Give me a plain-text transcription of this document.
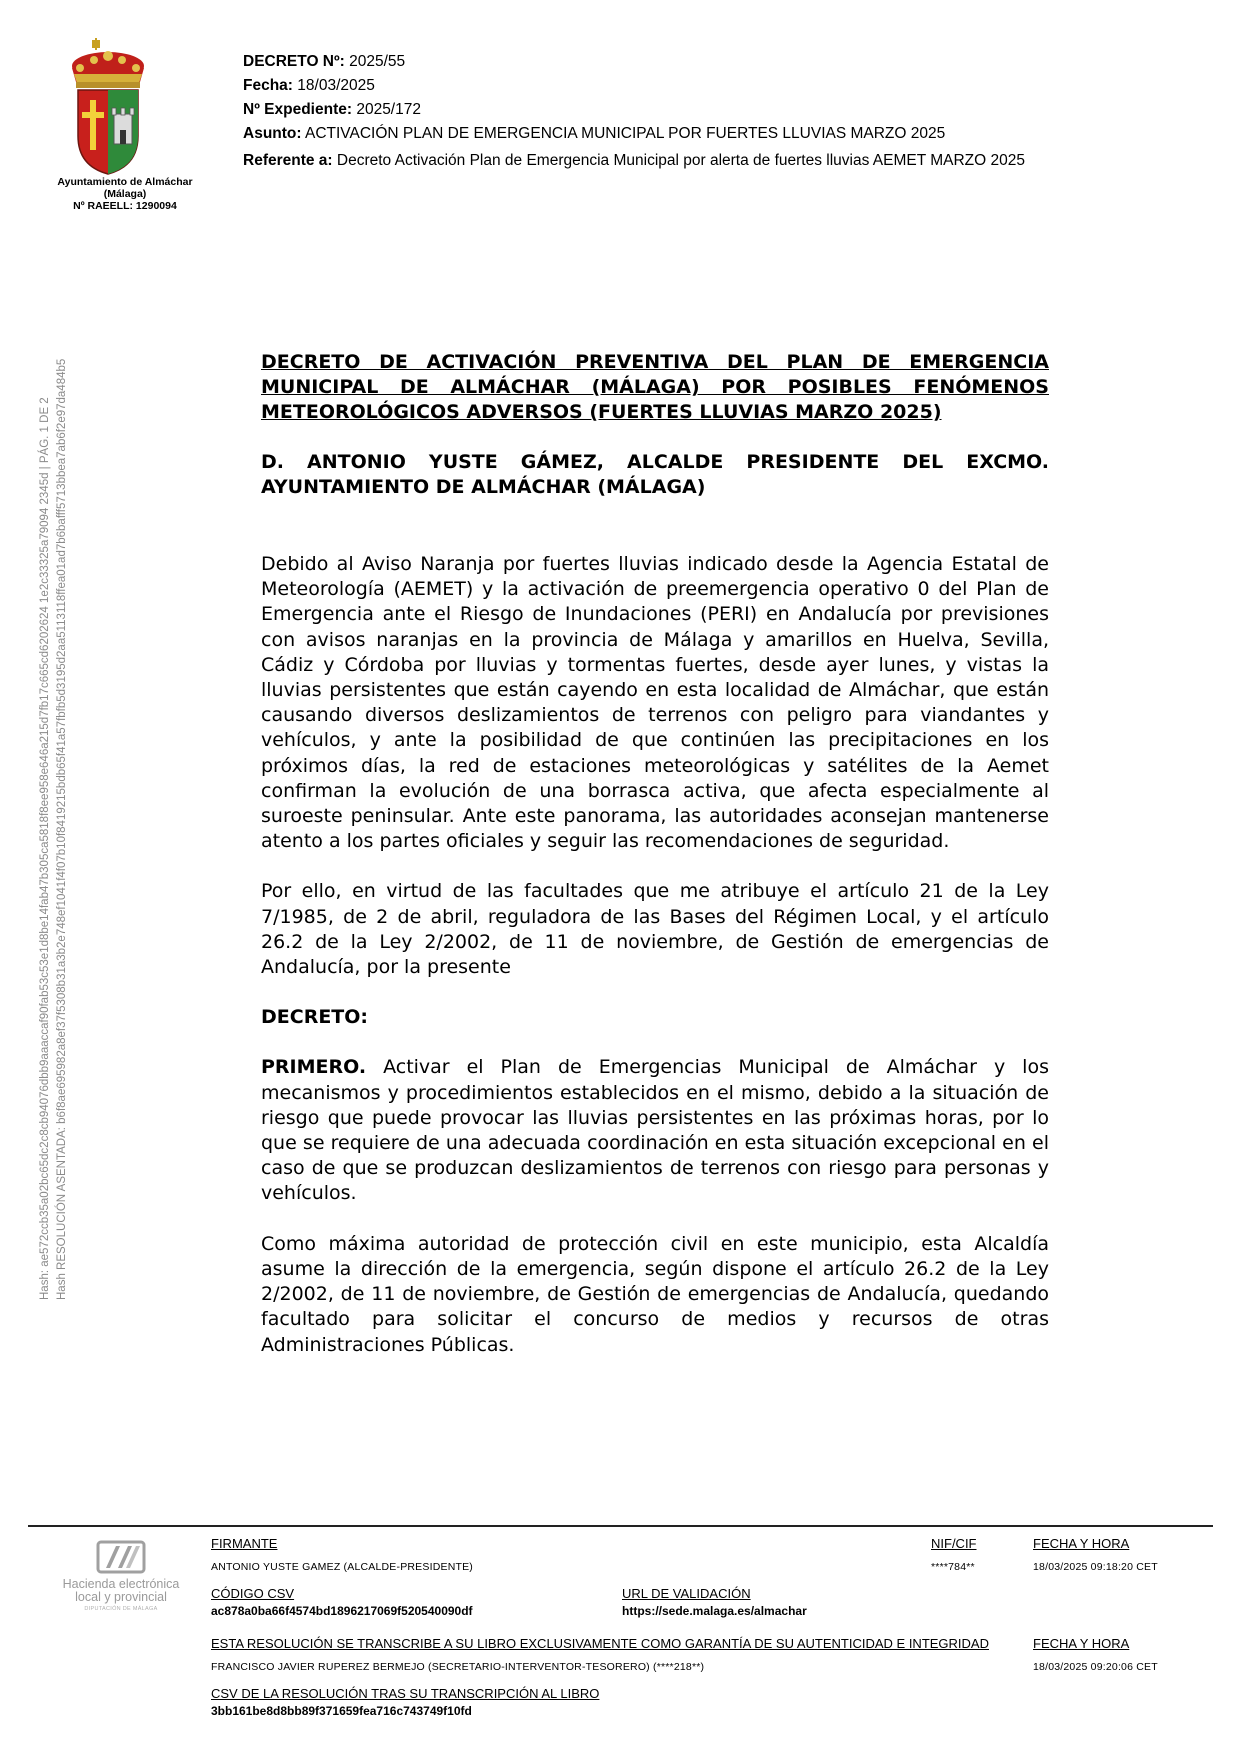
Ayuntamiento de Almáchar
(Málaga)
Nº RAEELL: 1290094
DECRETO Nº: 2025/55
Fecha: 18/03/2025
Nº Expediente: 2025/172
Asunto: ACTIVACIÓN PLAN DE EMERGENCIA MUNICIPAL POR FUERTES LLUVIAS MARZO 2025
Referente a: Decreto Activación Plan de Emergencia Municipal por alerta de fuertes lluvias AEMET MARZO 2025
Hash: ae572ccb35a02bc65dc2c8cb94076dbb9aaaccaf90fab53c53e1d8be14fab47b305ca5818f8ee958e646a215d7fb17c665cd6202624 1e2c33325a79094 2345d | PÁG. 1 DE 2 Hash RESOLUCIÓN ASENTADA: b6f8ae695982a8ef37f5308b31a3b2e748ef1041f4f07b10f8419215bdb65f41a57fbfb5d3195d2aa5113118ffea01ad7b6bafff5713bbea7ab6f2e97da484b5	DECRETO DE ACTIVACIÓN PREVENTIVA DEL PLAN DE EMERGENCIA MUNICIPAL DE ALMÁCHAR (MÁLAGA) POR POSIBLES FENÓMENOS METEOROLÓGICOS ADVERSOS (FUERTES LLUVIAS MARZO 2025)

D. ANTONIO YUSTE GÁMEZ, ALCALDE PRESIDENTE DEL EXCMO. AYUNTAMIENTO DE ALMÁCHAR (MÁLAGA)

Debido al Aviso Naranja por fuertes lluvias indicado desde la Agencia Estatal de Meteorología (AEMET) y la activación de preemergencia operativo 0 del Plan de Emergencia ante el Riesgo de Inundaciones (PERI) en Andalucía por previsiones con avisos naranjas en la provincia de Málaga y amarillos en Huelva, Sevilla, Cádiz y Córdoba por lluvias y tormentas fuertes, desde ayer lunes, y vistas la lluvias persistentes que están cayendo en esta localidad de Almáchar, que están causando diversos deslizamientos de terrenos con peligro para viandantes y vehículos, y ante la posibilidad de que continúen las precipitaciones en los próximos días, la red de estaciones meteorológicas y satélites de la Aemet confirman la evolución de una borrasca activa, que afecta especialmente al suroeste peninsular. Ante este panorama, las autoridades aconsejan mantenerse atento a los partes oficiales y seguir las recomendaciones de seguridad.

Por ello, en virtud de las facultades que me atribuye el artículo 21 de la Ley 7/1985, de 2 de abril, reguladora de las Bases del Régimen Local, y el artículo 26.2 de la Ley 2/2002, de 11 de noviembre, de Gestión de emergencias de Andalucía, por la presente

DECRETO:

PRIMERO. Activar el Plan de Emergencias Municipal de Almáchar y los mecanismos y procedimientos establecidos en el mismo, debido a la situación de riesgo que puede provocar las lluvias persistentes en las próximas horas, por lo que se requiere de una adecuada coordinación en esta situación excepcional en el caso de que se produzcan deslizamientos de terrenos con riesgo para personas y vehículos.

Como máxima autoridad de protección civil en este municipio, esta Alcaldía asume la dirección de la emergencia, según dispone el artículo 26.2 de la Ley 2/2002, de 11 de noviembre, de Gestión de emergencias de Andalucía, quedando facultado para solicitar el concurso de medios y recursos de otras Administraciones Públicas.

Hacienda electrónica
local y provincial
DIPUTACIÓN DE MÁLAGA
FIRMANTE
ANTONIO YUSTE GAMEZ (ALCALDE-PRESIDENTE)
NIF/CIF
****784**
FECHA Y HORA
18/03/2025 09:18:20 CET
CÓDIGO CSV
ac878a0ba66f4574bd1896217069f520540090df
URL DE VALIDACIÓN
https://sede.malaga.es/almachar
ESTA RESOLUCIÓN SE TRANSCRIBE A SU LIBRO EXCLUSIVAMENTE COMO GARANTÍA DE SU AUTENTICIDAD E INTEGRIDAD
FRANCISCO JAVIER RUPEREZ BERMEJO (SECRETARIO-INTERVENTOR-TESORERO) (****218**)
FECHA Y HORA
18/03/2025 09:20:06 CET
CSV DE LA RESOLUCIÓN TRAS SU TRANSCRIPCIÓN AL LIBRO
3bb161be8d8bb89f371659fea716c743749f10fd
